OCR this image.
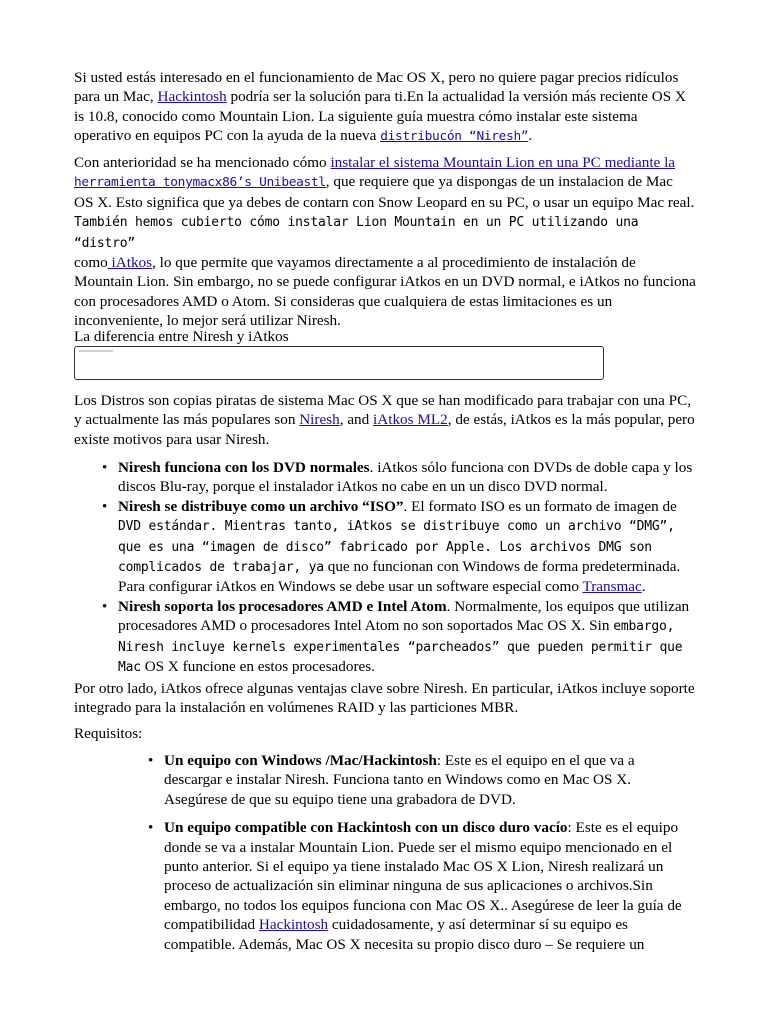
Si usted estás interesado en el funcionamiento de Mac OS X, pero no quiere pagar precios ridículos para un Mac, Hackintosh podría ser la solución para ti.En la actualidad la versión más reciente OS X is 10.8, conocido como Mountain Lion. La siguiente guía muestra cómo instalar este sistema operativo en equipos PC con la ayuda de la nueva distribucón “Niresh”.

Con anterioridad se ha mencionado cómo instalar el sistema Mountain Lion en una PC mediante la
herramienta tonymacx86’s Unibeastl, que requiere que ya dispongas de un instalacion de Mac OS X. Esto significa que ya debes de contarn con Snow Leopard en su PC, o usar un equipo Mac real. También hemos cubierto cómo instalar Lion Mountain en un PC utilizando una “distro”
como iAtkos, lo que permite que vayamos directamente a al procedimiento de instalación de Mountain Lion. Sin embargo, no se puede configurar iAtkos en un DVD normal, e iAtkos no funciona con procesadores AMD o Atom. Si consideras que cualquiera de estas limitaciones es un inconveniente, lo mejor será utilizar Niresh.

La diferencia entre Niresh y iAtkos

Los Distros son copias piratas de sistema Mac OS X que se han modificado para trabajar con una PC, y actualmente las más populares son Niresh, and iAtkos ML2, de estás, iAtkos es la más popular, pero existe motivos para usar Niresh.

• Niresh funciona con los DVD normales. iAtkos sólo funciona con DVDs de doble capa y los discos Blu-ray, porque el instalador iAtkos no cabe en un un disco DVD normal.
• Niresh se distribuye como un archivo “ISO”. El formato ISO es un formato de imagen de DVD estándar. Mientras tanto, iAtkos se distribuye como un archivo “DMG”, que es una “imagen de disco” fabricado por Apple. Los archivos DMG son complicados de trabajar, ya que no funcionan con Windows de forma predeterminada. Para configurar iAtkos en Windows se debe usar un software especial como Transmac.
• Niresh soporta los procesadores AMD e Intel Atom. Normalmente, los equipos que utilizan procesadores AMD o procesadores Intel Atom no son soportados Mac OS X. Sin embargo, Niresh incluye kernels experimentales “parcheados” que pueden permitir que Mac OS X funcione en estos procesadores.

Por otro lado, iAtkos ofrece algunas ventajas clave sobre Niresh. En particular, iAtkos incluye soporte integrado para la instalación en volúmenes RAID y las particiones MBR.

Requisitos:

• Un equipo con Windows /Mac/Hackintosh: Este es el equipo en el que va a descargar e instalar Niresh. Funciona tanto en Windows como en Mac OS X. Asegúrese de que su equipo tiene una grabadora de DVD.
• Un equipo compatible con Hackintosh con un disco duro vacío: Este es el equipo donde se va a instalar Mountain Lion. Puede ser el mismo equipo mencionado en el punto anterior. Si el equipo ya tiene instalado Mac OS X Lion, Niresh realizará un proceso de actualización sin eliminar ninguna de sus aplicaciones o archivos.Sin embargo, no todos los equipos funciona con Mac OS X.. Asegúrese de leer la guía de compatibilidad Hackintosh cuidadosamente, y así determinar sí su equipo es compatible. Además, Mac OS X necesita su propio disco duro – Se requiere un
